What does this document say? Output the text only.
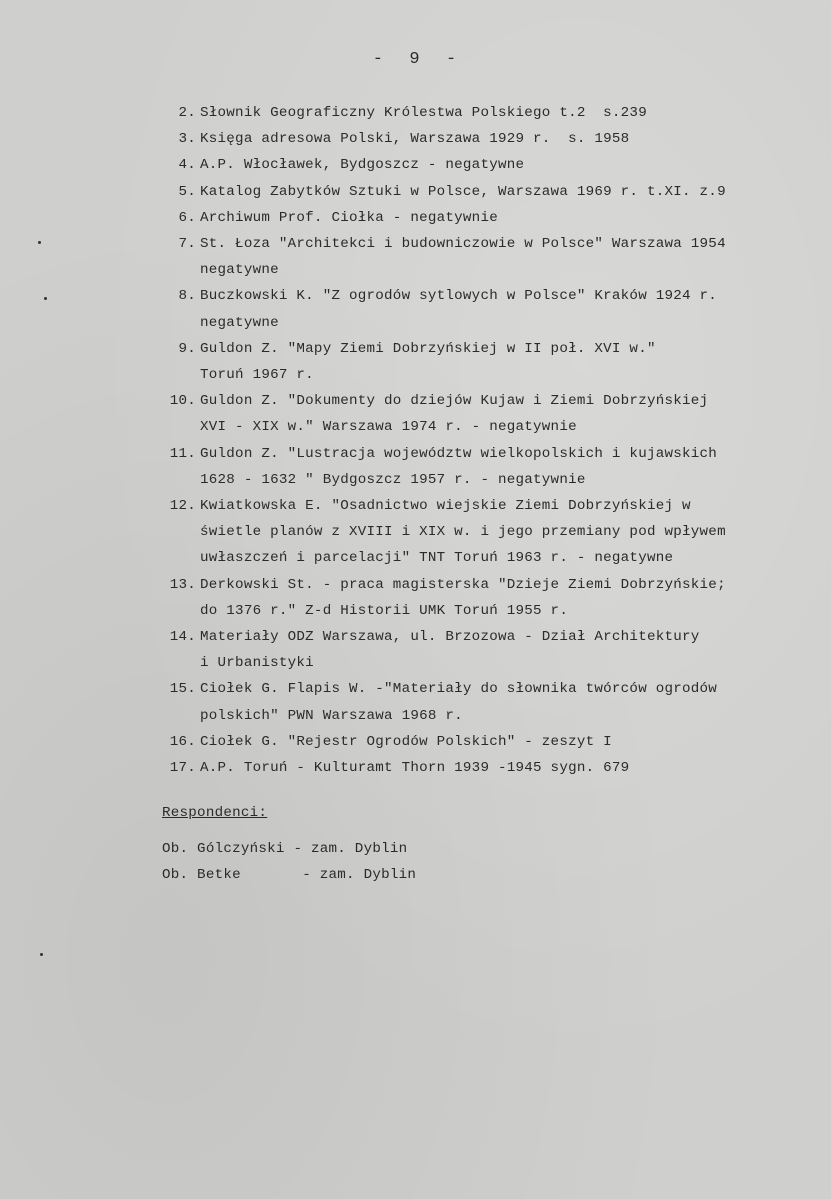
-  9  -
2. Słownik Geograficzny Królestwa Polskiego t.2  s.239
3. Księga adresowa Polski, Warszawa 1929 r.  s. 1958
4. A.P. Włocławek, Bydgoszcz - negatywne
5. Katalog Zabytków Sztuki w Polsce, Warszawa 1969 r. t.XI. z.9
6. Archiwum Prof. Ciołka - negatywnie
7. St. Łoza "Architekci i budowniczowie w Polsce" Warszawa 1954
negatywne
8. Buczkowski K. "Z ogrodów sytlowych w Polsce" Kraków 1924 r.
negatywne
9. Guldon Z. "Mapy Ziemi Dobrzyńskiej w II poł. XVI w."
Toruń 1967 r.
10. Guldon Z. "Dokumenty do dziejów Kujaw i Ziemi Dobrzyńskiej
XVI - XIX w." Warszawa 1974 r. - negatywnie
11. Guldon Z. "Lustracja województw wielkopolskich i kujawskich
1628 - 1632 " Bydgoszcz 1957 r. - negatywnie
12. Kwiatkowska E. "Osadnictwo wiejskie Ziemi Dobrzyńskiej w
świetle planów z XVIII i XIX w. i jego przemiany pod wpływem
uwłaszczeń i parcelacji" TNT Toruń 1963 r. - negatywne
13. Derkowski St. - praca magisterska "Dzieje Ziemi Dobrzyńskie;
do 1376 r." Z-d Historii UMK Toruń 1955 r.
14. Materiały ODZ Warszawa, ul. Brzozowa - Dział Architektury
i Urbanistyki
15. Ciołek G. Flapis W. -"Materiały do słownika twórców ogrodów
polskich" PWN Warszawa 1968 r.
16. Ciołek G. "Rejestr Ogrodów Polskich" - zeszyt I
17. A.P. Toruń - Kulturamt Thorn 1939 -1945 sygn. 679
Respondenci:
Ob. Gólczyński - zam. Dyblin
Ob. Betke       - zam. Dyblin
